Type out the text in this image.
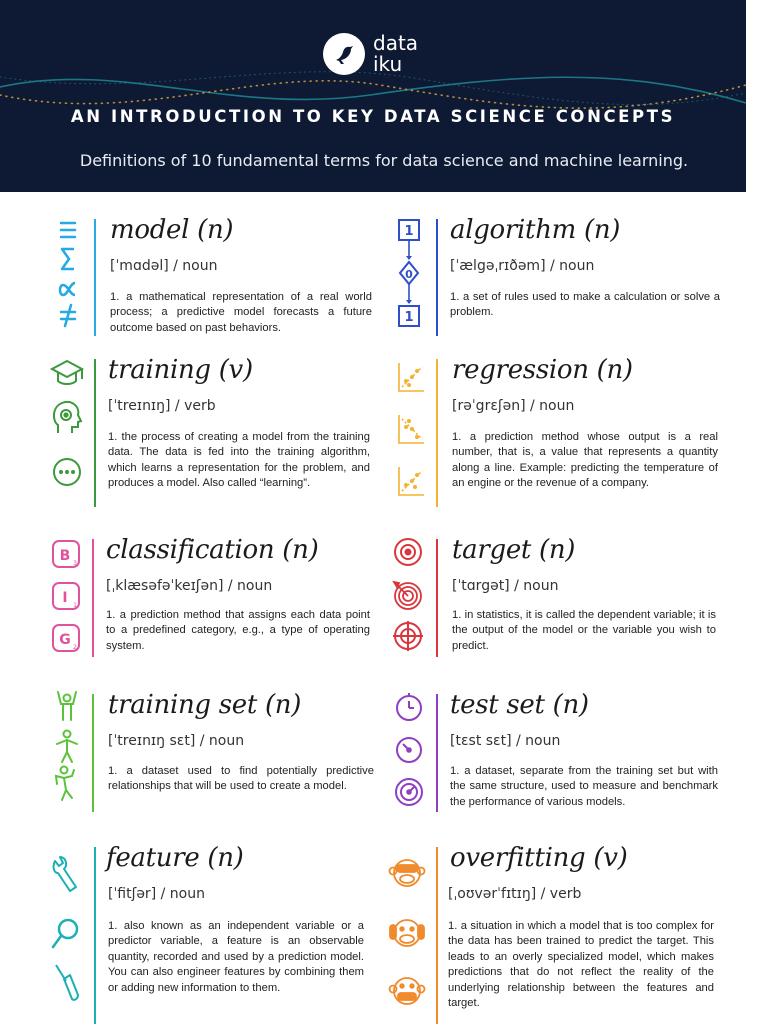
data
iku
AN INTRODUCTION TO KEY DATA SCIENCE CONCEPTS
Definitions of 10 fundamental terms for data science and machine learning.
model (n)
[ˈmɑdəl] / noun
1. a mathematical representation of a real world process; a predictive model forecasts a future outcome based on past behaviors.
1
0
1
algorithm (n)
[ˈælgəˌrɪðəm] / noun
1. a set of rules used to make a calculation or solve a problem.
training (v)
[ˈtreɪnɪŋ] / verb
1. the process of creating a model from the training data. The data is fed into the training algorithm, which learns a representation for the problem, and produces a model. Also called “learning”.
regression (n)
[rəˈgrɛʃən] / noun
1. a prediction method whose output is a real number, that is, a value that represents a quantity along a line. Example: predicting the temperature of an engine or the revenue of a company.
B 3
I 1
G 2
classification (n)
[ˌklæsəfəˈkeɪʃən] / noun
1. a prediction method that assigns each data point to a predefined category, e.g., a type of operating system.
target (n)
[ˈtɑrgət] / noun
1. in statistics, it is called the dependent variable; it is the output of the model or the variable you wish to predict.
training set (n)
[ˈtreɪnɪŋ sɛt] / noun
1. a dataset used to find potentially predictive relationships that will be used to create a model.
test set (n)
[tɛst sɛt] / noun
1. a dataset, separate from the training set but with the same structure, used to measure and benchmark the performance of various models.
feature (n)
[ˈfitʃər] / noun
1. also known as an independent variable or a predictor variable, a feature is an observable quantity, recorded and used by a prediction model. You can also engineer features by combining them or adding new information to them.
overfitting (v)
[ˌoʊvərˈfɪtɪŋ] / verb
1. a situation in which a model that is too complex for the data has been trained to predict the target. This leads to an overly specialized model, which makes predictions that do not reflect the reality of the underlying relationship between the features and target.
